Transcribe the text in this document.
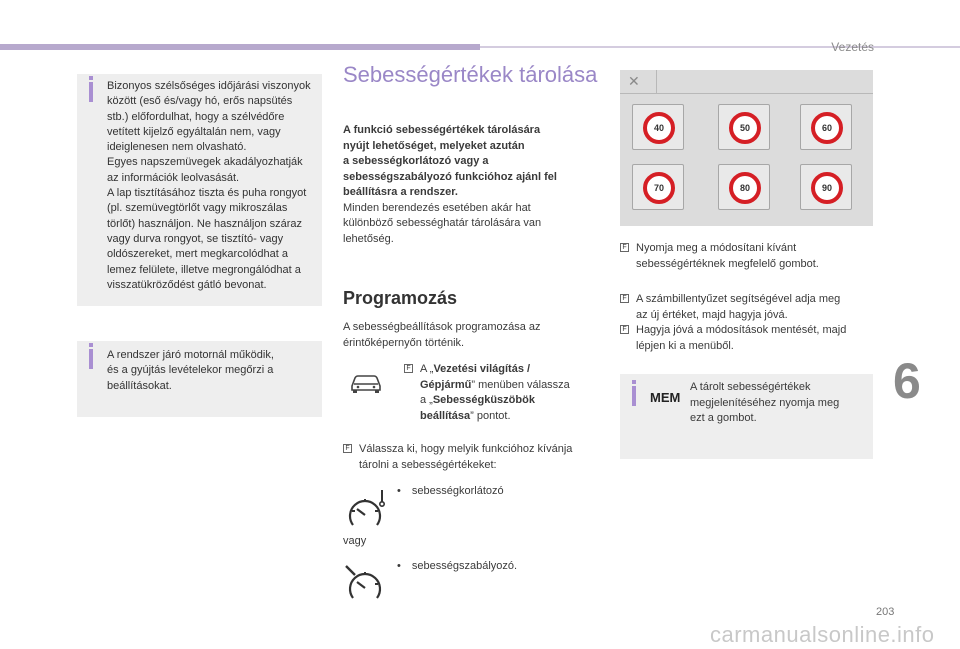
Vezetés
6
Bizonyos szélsőséges időjárási viszonyok
között (eső és/vagy hó, erős napsütés
stb.) előfordulhat, hogy a szélvédőre
vetített kijelző egyáltalán nem, vagy
ideiglenesen nem olvasható.
Egyes napszemüvegek akadályozhatják
az információk leolvasását.
A lap tisztításához tiszta és puha rongyot
(pl. szemüvegtörlőt vagy mikroszálas
törlőt) használjon. Ne használjon száraz
vagy durva rongyot, se tisztító- vagy
oldószereket, mert megkarcolódhat a
lemez felülete, illetve megrongálódhat a
visszatükröződést gátló bevonat.
A rendszer járó motornál működik,
és a gyújtás levételekor megőrzi a
beállításokat.
Sebességértékek tárolása
A funkció sebességértékek tárolására
nyújt lehetőséget, melyeket azután
a sebességkorlátozó vagy a
sebességszabályozó funkcióhoz ajánl fel
beállításra a rendszer.
Minden berendezés esetében akár hat
különböző sebességhatár tárolására van
lehetőség.
Programozás
A sebességbeállítások programozása az
érintőképernyőn történik.
F A „Vezetési világítás /
Gépjármű” menüben válassza
a „Sebességküszöbök
beállítása” pontot.
F Válassza ki, hogy melyik funkcióhoz kívánja
tárolni a sebességértékeket:
• sebességkorlátozó
vagy
• sebességszabályozó.
✕
40	50	60
70	80	90
F Nyomja meg a módosítani kívánt
sebességértéknek megfelelő gombot.
F A számbillentyűzet segítségével adja meg
az új értéket, majd hagyja jóvá.
F Hagyja jóvá a módosítások mentését, majd
lépjen ki a menüből.
MEM
A tárolt sebességértékek
megjelenítéséhez nyomja meg
ezt a gombot.
203
carmanualsonline.info
